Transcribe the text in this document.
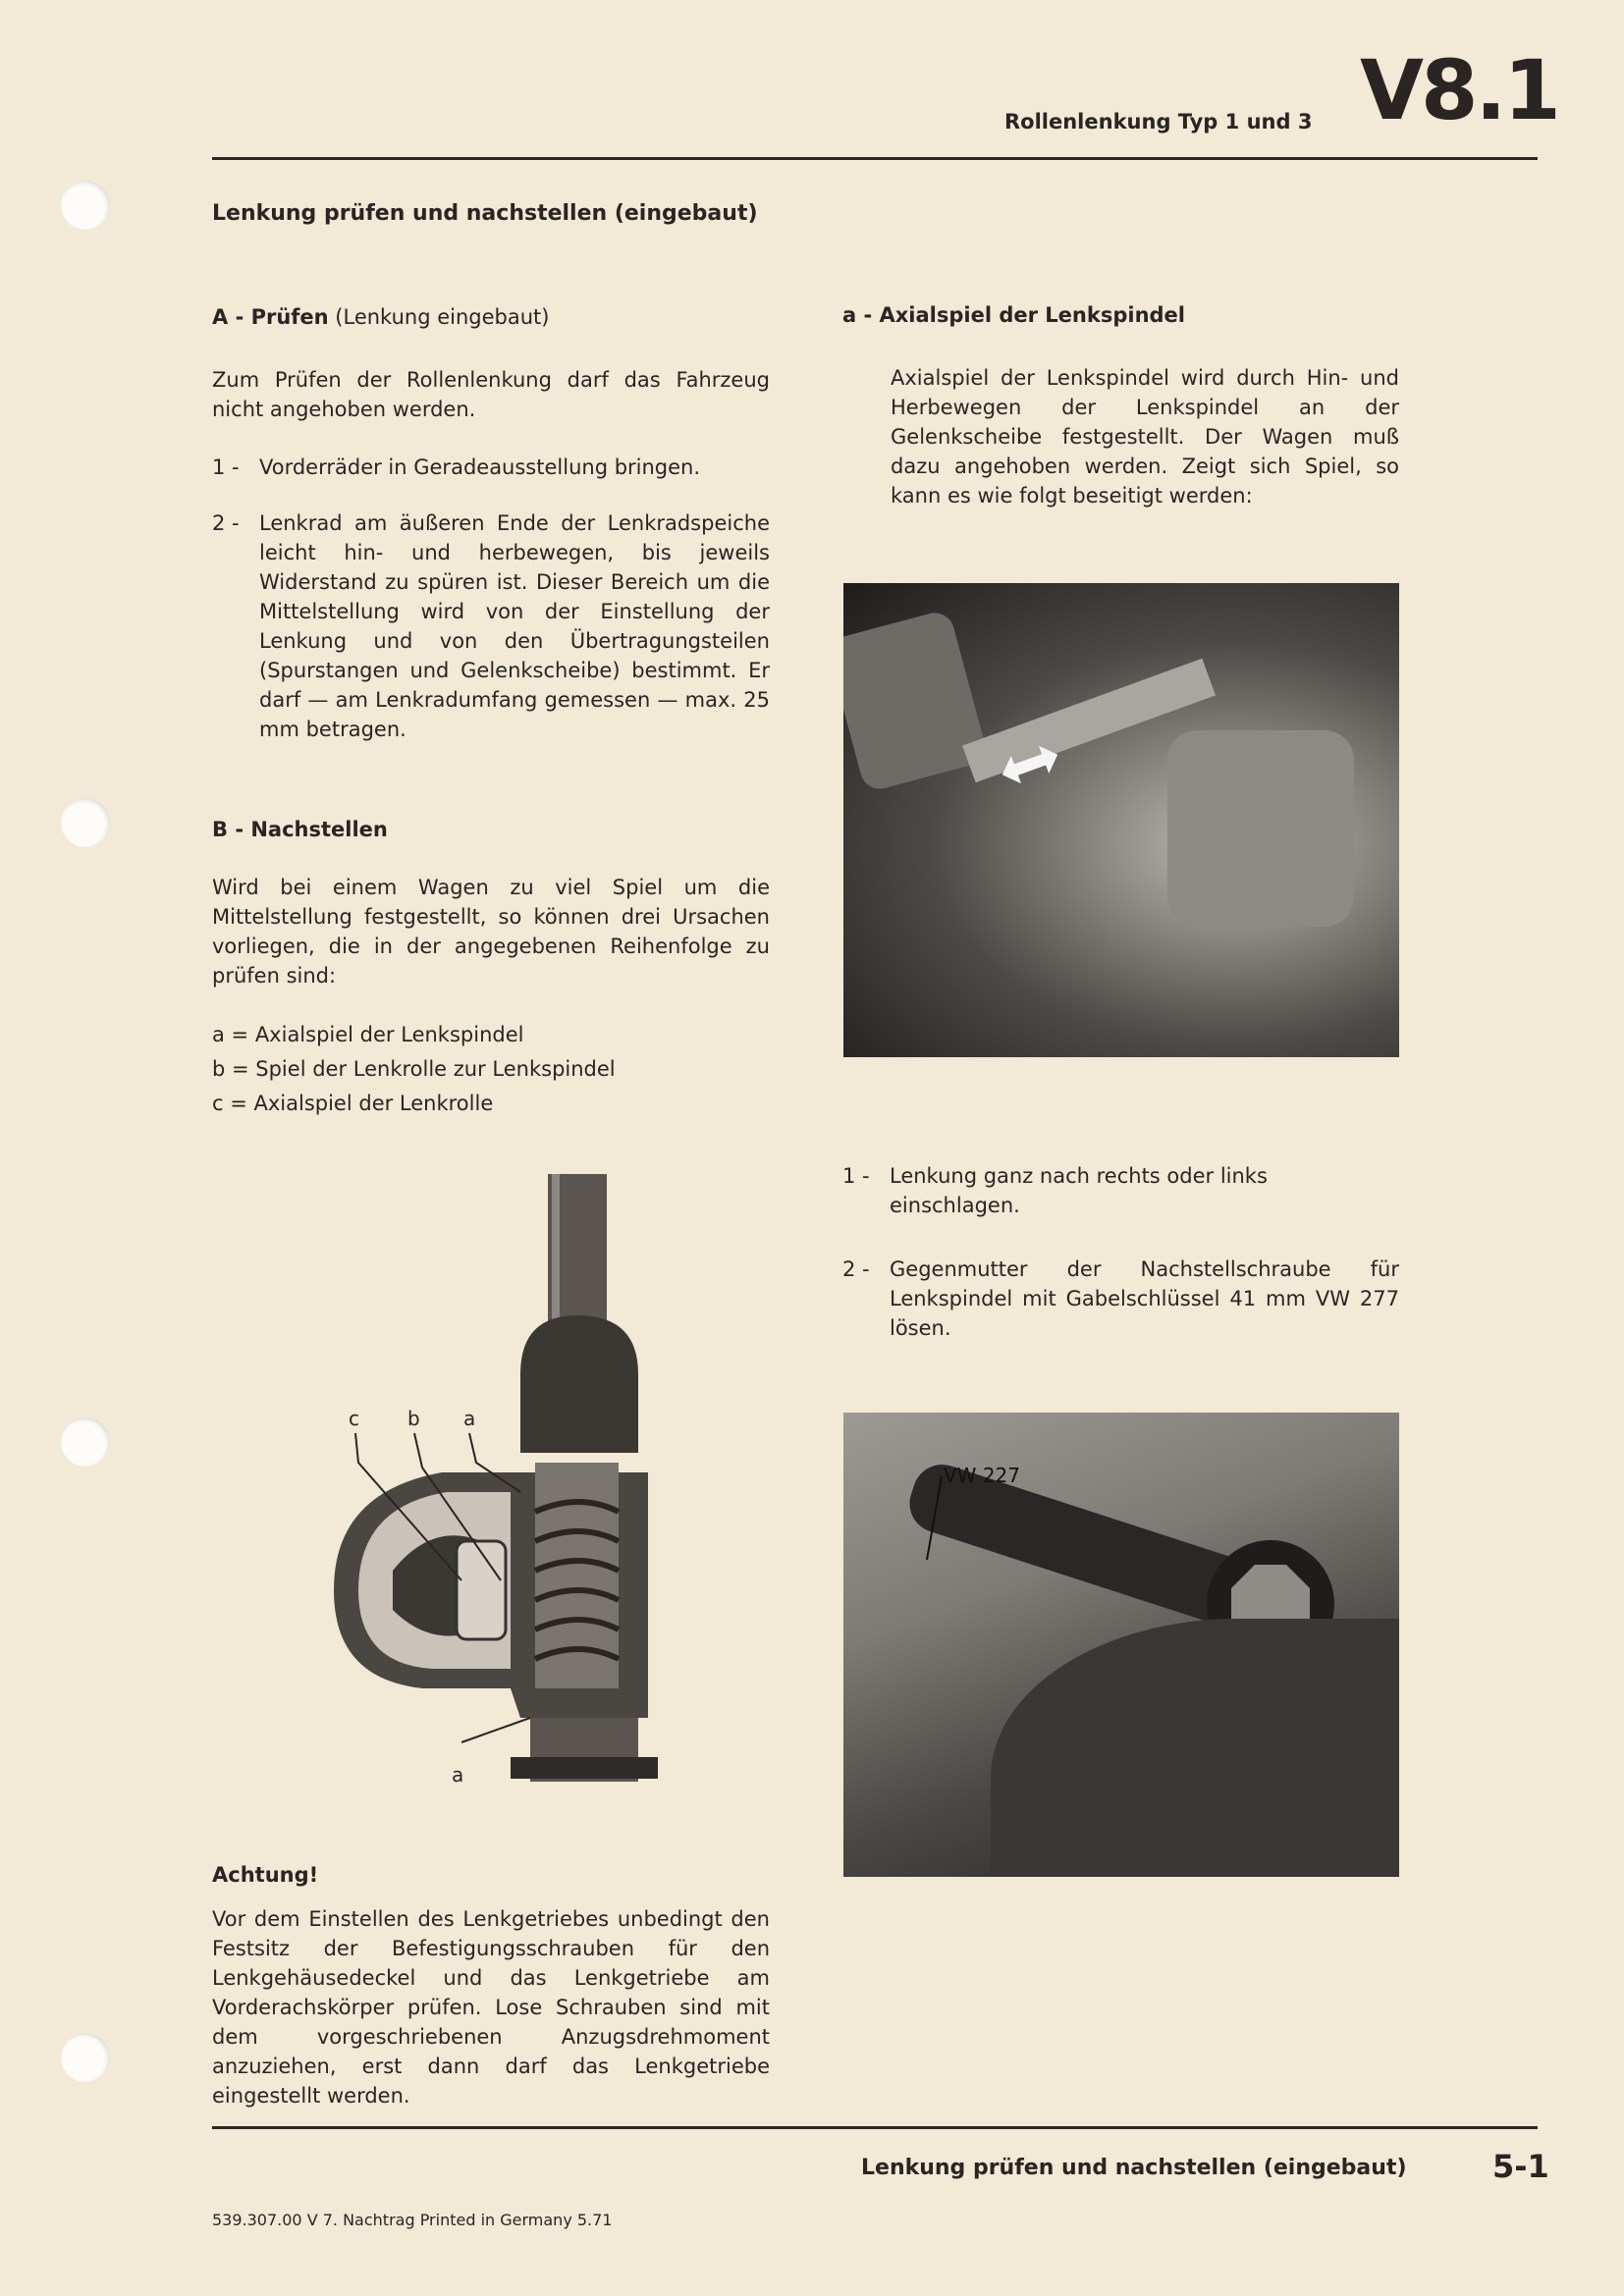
Rollenlenkung Typ 1 und 3 V8.1
Lenkung prüfen und nachstellen (eingebaut)
A - Prüfen (Lenkung eingebaut)
Zum Prüfen der Rollenlenkung darf das Fahrzeug nicht angehoben werden.
1 - Vorderräder in Geradeausstellung bringen.
2 - Lenkrad am äußeren Ende der Lenkradspeiche leicht hin- und herbewegen, bis jeweils Widerstand zu spüren ist. Dieser Bereich um die Mittelstellung wird von der Einstellung der Lenkung und von den Übertragungsteilen (Spurstangen und Gelenkscheibe) bestimmt. Er darf — am Lenkradumfang gemessen — max. 25 mm betragen.
B - Nachstellen
Wird bei einem Wagen zu viel Spiel um die Mittelstellung festgestellt, so können drei Ursachen vorliegen, die in der angegebenen Reihenfolge zu prüfen sind:
a = Axialspiel der Lenkspindel
b = Spiel der Lenkrolle zur Lenkspindel
c = Axialspiel der Lenkrolle
c b a
a
Achtung!
Vor dem Einstellen des Lenkgetriebes unbedingt den Festsitz der Befestigungsschrauben für den Lenkgehäusedeckel und das Lenkgetriebe am Vorderachskörper prüfen. Lose Schrauben sind mit dem vorgeschriebenen Anzugsdrehmoment anzuziehen, erst dann darf das Lenkgetriebe eingestellt werden.
a - Axialspiel der Lenkspindel
Axialspiel der Lenkspindel wird durch Hin- und Herbewegen der Lenkspindel an der Gelenkscheibe festgestellt. Der Wagen muß dazu angehoben werden. Zeigt sich Spiel, so kann es wie folgt beseitigt werden:
1 - Lenkung ganz nach rechts oder links einschlagen.
2 - Gegenmutter der Nachstellschraube für Lenkspindel mit Gabelschlüssel 41 mm VW 277 lösen.
VW 227
Lenkung prüfen und nachstellen (eingebaut)	5-1
539.307.00 V 7. Nachtrag Printed in Germany 5.71
